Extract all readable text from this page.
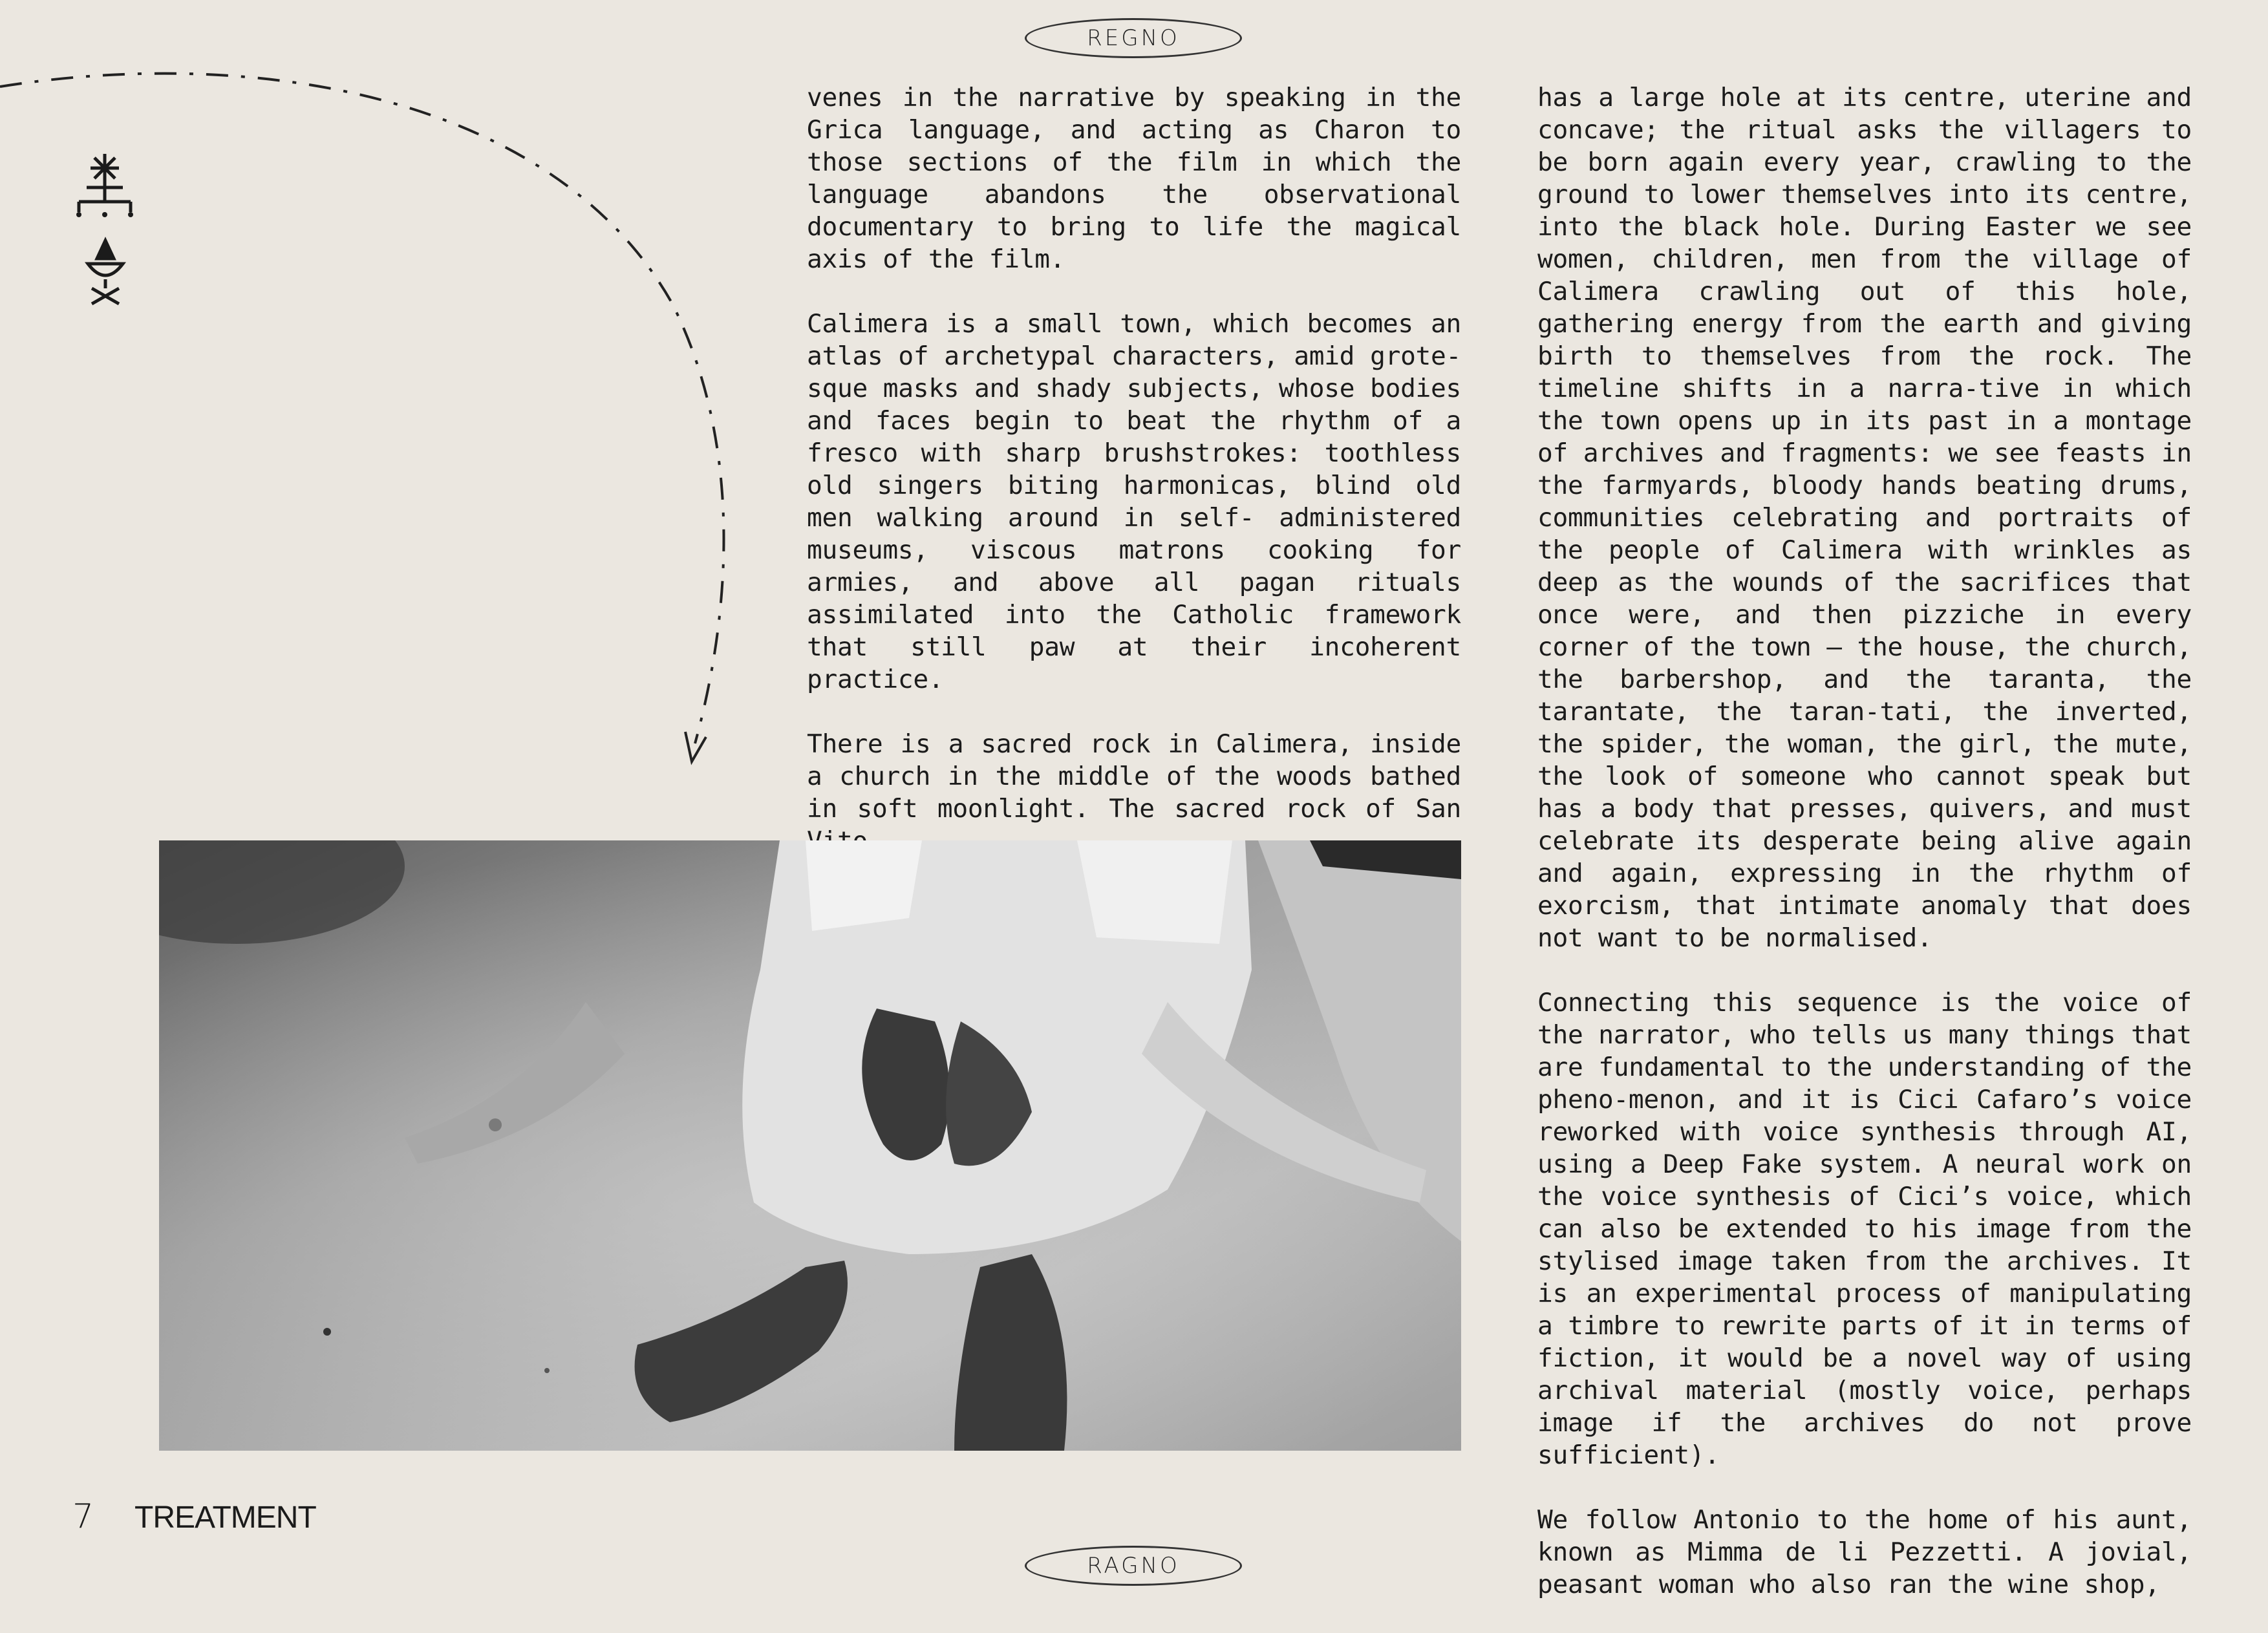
REGNO

venes in the narrative by speaking in the Grica language, and acting as Charon to those sections of the film in which the language abandons the observational documentary to bring to life the magical axis of the film.

Calimera is a small town, which becomes an atlas of archetypal characters, amid grote-sque masks and shady subjects, whose bodies and faces begin to beat the rhythm of a fresco with sharp brushstrokes: toothless old singers biting harmonicas, blind old men walking around in self- administered museums, viscous matrons cooking for armies, and above all pagan rituals assimilated into the Catholic framework that still paw at their incoherent practice.

There is a sacred rock in Calimera, inside a church in the middle of the woods bathed in soft moonlight. The sacred rock of San

has a large hole at its centre, uterine and concave; the ritual asks the villagers to be born again every year, crawling to the ground to lower themselves into its centre, into the black hole. During Easter we see women, children, men from the village of Calimera crawling out of this hole, gathering energy from the earth and giving birth to themselves from the rock. The timeline shifts in a narra-tive in which the town opens up in its past in a montage of archives and fragments: we see feasts in the farmyards, bloody hands beating drums, communities celebrating and portraits of the people of Calimera with wrinkles as deep as the wounds of the sacrifices that once were, and then pizziche in every corner of the town – the house, the church, the barbershop, and the taranta, the tarantate, the taran-tati, the inverted, the spider, the woman, the girl, the mute, the look of someone who cannot speak but has a body that presses, quivers, and must celebrate its desperate being alive again and again, expressing in the rhythm of exorcism, that intimate anomaly that does not want to be normalised.

Connecting this sequence is the voice of the narrator, who tells us many things that are fundamental to the understanding of the pheno-menon, and it is Cici Cafaro’s voice reworked with voice synthesis through AI, using a Deep Fake system. A neural work on the voice synthesis of Cici’s voice, which can also be extended to his image from the stylised image taken from the archives. It is an experimental process of manipulating a timbre to rewrite parts of it in terms of fiction, it would be a novel way of using archival material (mostly voice, perhaps image if the archives do not prove sufficient).

We follow Antonio to the home of his aunt, known as Mimma de li Pezzetti. A jovial, peasant woman who also ran the wine shop,

7 TREATMENT
RAGNO
